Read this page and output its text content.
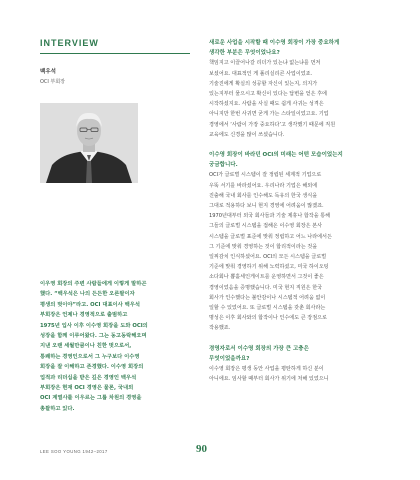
INTERVIEW
백우석
OCI 부회장

이우영 회장의 주변 사람들에게 이렇게 말하곤

했다. “백우석은 나의 든든한 오른팔이자

평생의 벗이야”라고. OCI 대표이사 백우석

부회장은 언제나 경영적으로 출범하고

1975년 입사 이후 이수영 회장을 도와 OCI의

성장을 함께 이루어왔다. 그는 동고동락해오며

지낸 오랜 세월만큼이나 친한 벗으로서,

통쾌하는 경영인으로서 그 누구보다 이수영

회장을 잘 이해하고 존경했다. 이수영 회장의

업적과 리더십을 받은 깊은 경영인 백우석

부회장은 현재 OCI 경영은 물론, 국내외

OCI 계열사를 이우르는 그룹 차원의 경영을

총괄하고 있다.

새로운 사업을 시작할 때 이수영 회장이 가장 중요하게
생각한 부분은 무엇이었나요?

책임지고 이끌어나갈 리더가 있는냐 없는냐를 먼저

보셨어요. 대표적인 게 폴리실리콘 사업이었죠.

기술진에게 확실의 성공할 자신이 있는지, 의지가

있는지부터 물으시고 확신이 있다는 답변을 얻은 후에

시작하셨지요. 사람을 사실 때도 쉽게 사귀는 성격은

아니지만 한번 사귀면 굳게 가는 스타일이었고요. 기업

경영에서 ‘사람이 가장 중요하다’고 생각했기 때문에 직원

교육에도 신경을 많이 쓰셨습니다.

이수영 회장이 바라던 OCI의 미래는 어떤 모습이었는지
궁금합니다.

OCI가 글로벌 시스템이 잘 정립된 세계적 기업으로

우뚝 서기를 바라셨어요. 우리나라 기업은 해외에

진출해 국내 회사를 인수해도 독유의 한국 생식을

그대로 적용하다 보니 현지 경영에 어려움이 많겠죠.

1970년대부터 외국 회사들과 기술 제휴나 합작을 통해

그들의 글로벌 시스템을 접해온 이수영 회장은 본사

시스템을 글로벌 표준에 맞춰 정립하고 어느 나라에서든

그 기준에 맞춰 경영하는 것이 합리적이라는 것을

일찌감치 인식하셨어요. OCI의 모든 시스템을 글로벌

기준에 맞춰 경영하기 위해 노력하셨고, 미국 하이오팅

소다회나 뽑홀세인게이트를 운영하면서 그것이 좋은

경영이었음을 증명했습니다. 미국 현지 직원은 한국

회사가 인수했다는 불안감이나 시스템적 어려움 없이

일할 수 있었어요. 또 글로벌 시스템을 갖춘 회사라는

명성은 이후 회사와의 합작이나 인수에도 큰 장점으로

작용했죠.

경영자로서 이수영 회장의 가장 큰 고충은
무엇이었을까요?

이수영 회장은 평생 동안 사업을 평탄하게 하신 분이

아니에요. 임사할 때부터 회사가 위기에 처해 있었으니

LEE SOO YOUNG 1942–2017	90
